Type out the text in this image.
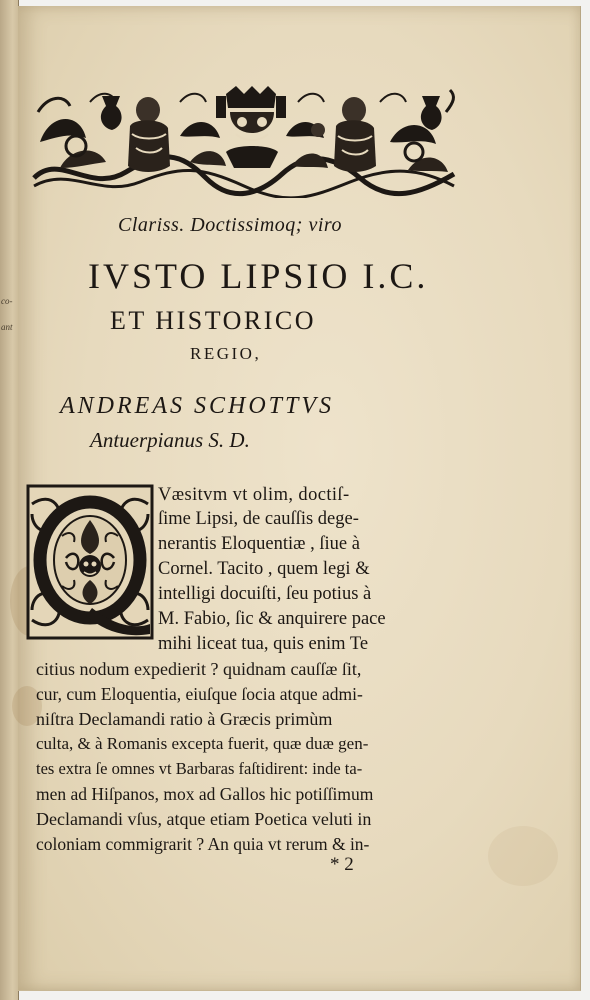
co-
ant
Clariss. Doctissimoq; viro
IVSTO LIPSIO I.C.
ET HISTORICO
REGIO,
ANDREAS SCHOTTVS
Antuerpianus S. D.
Væsitvm vt olim, doctiſ-
ſime Lipsi, de cauſſis dege-
nerantis Eloquentiæ , ſiue à
Cornel. Tacito , quem legi &
intelligi docuiſti, ſeu potius à
M. Fabio, ſic & anquirere pace
mihi liceat tua, quis enim Te
citius nodum expedierit ? quidnam cauſſæ ſit,
cur, cum Eloquentia, eiuſque ſocia atque admi-
niſtra Declamandi ratio à Græcis primùm
culta, & à Romanis excepta fuerit, quæ duæ gen-
tes extra ſe omnes vt Barbaras faſtidirent: inde ta-
men ad Hiſpanos, mox ad Gallos hic potiſſimum
Declamandi vſus, atque etiam Poetica veluti in
coloniam commigrarit ? An quia vt rerum & in-
* 2
